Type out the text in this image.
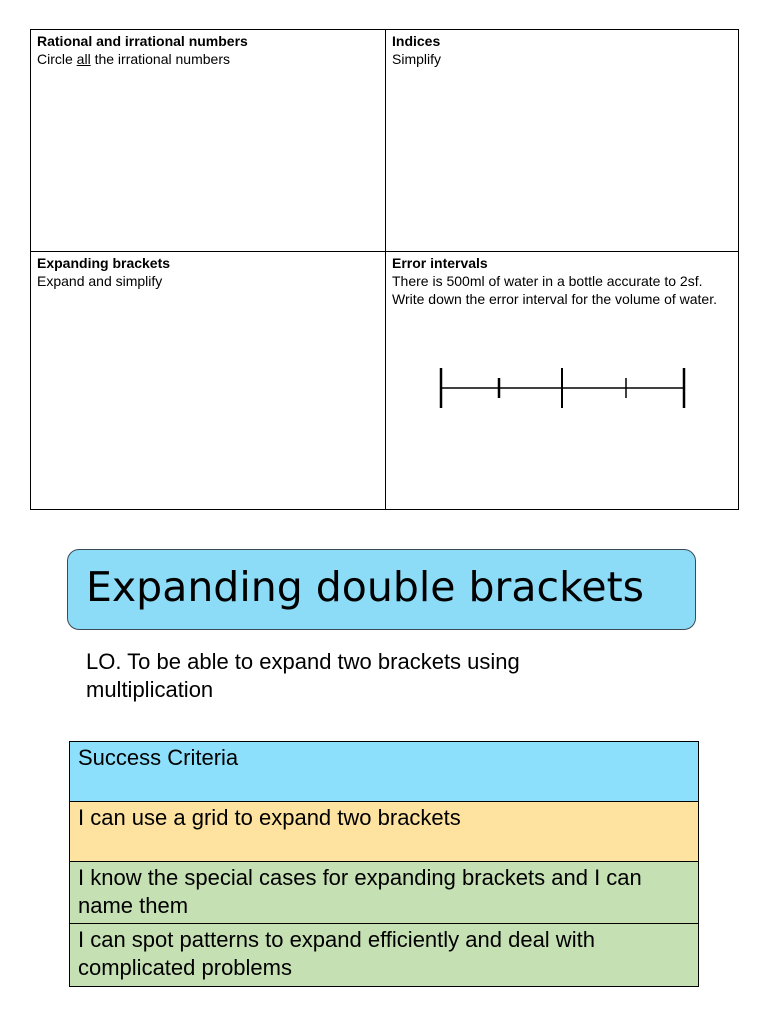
Rational and irrational numbers
Circle all the irrational numbers
Indices
Simplify
Expanding brackets
Expand and simplify
Error intervals
There is 500ml of water in a bottle accurate to 2sf. Write down the error interval for the volume of water.
Expanding double brackets
LO. To be able to expand two brackets using multiplication
Success Criteria
I can use a grid to expand two brackets
I know the special cases for expanding brackets and I can name them
I can spot patterns to expand efficiently and deal with complicated problems
